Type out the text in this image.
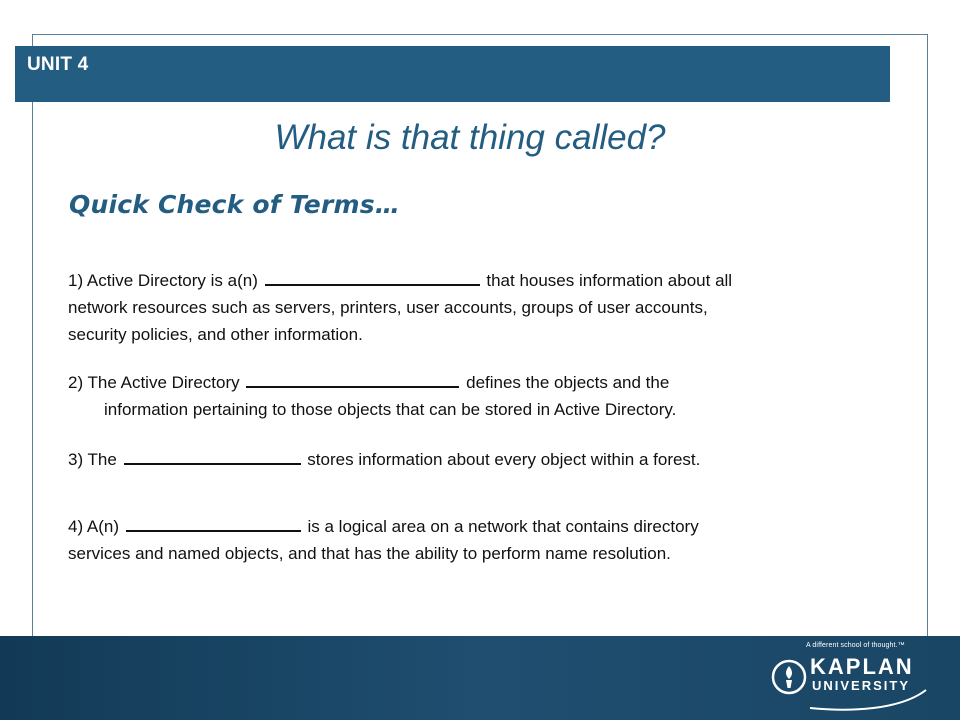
UNIT 4
What is that thing called?
Quick Check of Terms…
1) Active Directory is a(n)	that houses information about all
network resources such as servers, printers, user accounts, groups of user accounts,
security policies, and other information.
2) The Active Directory	defines the objects and the
information pertaining to those objects that can be stored in Active Directory.
3) The	stores information about every object within a forest.
4) A(n)	is a logical area on a network that contains directory
services and named objects, and that has the ability to perform name resolution.
A different school of thought.™
KAPLAN
UNIVERSITY
